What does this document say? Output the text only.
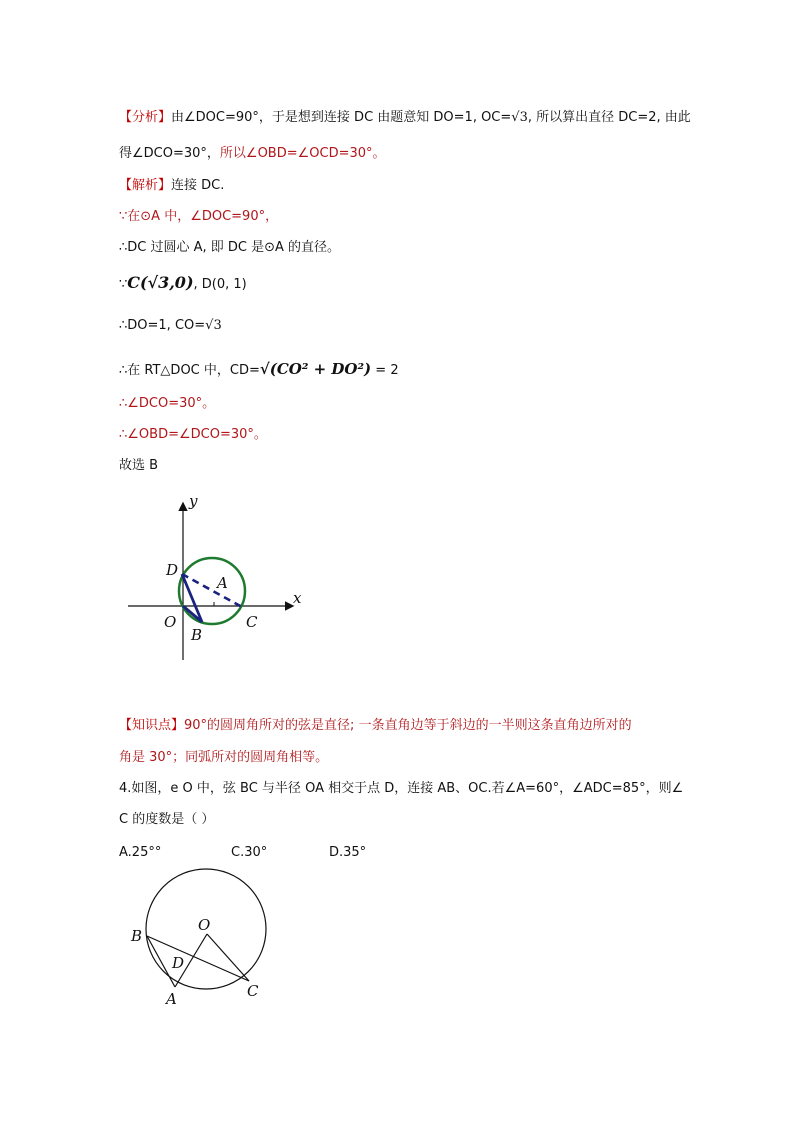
【分析】由∠DOC=90°，于是想到连接 DC 由题意知 DO=1, OC=√3, 所以算出直径 DC=2, 由此
得∠DCO=30°，所以∠OBD=∠OCD=30°。
【解析】连接 DC.
∵在⊙A 中，∠DOC=90°，
∴DC 过圆心 A, 即 DC 是⊙A 的直径。
∵C(√3,0), D(0, 1)
∴DO=1, CO=√3
∴在 RT△DOC 中，CD=√(CO² + DO²) = 2
∴∠DCO=30°。
∴∠OBD=∠DCO=30°。
故选 B
y
x
D
A
O
B
C
【知识点】90°的圆周角所对的弦是直径; 一条直角边等于斜边的一半则这条直角边所对的
角是 30°；同弧所对的圆周角相等。
4.如图，e O 中，弦 BC 与半径 OA 相交于点 D，连接 AB、OC.若∠A=60°，∠ADC=85°，则∠
C 的度数是（ ）
A.25°°	C.30°	D.35°
B
O
D
A	C
